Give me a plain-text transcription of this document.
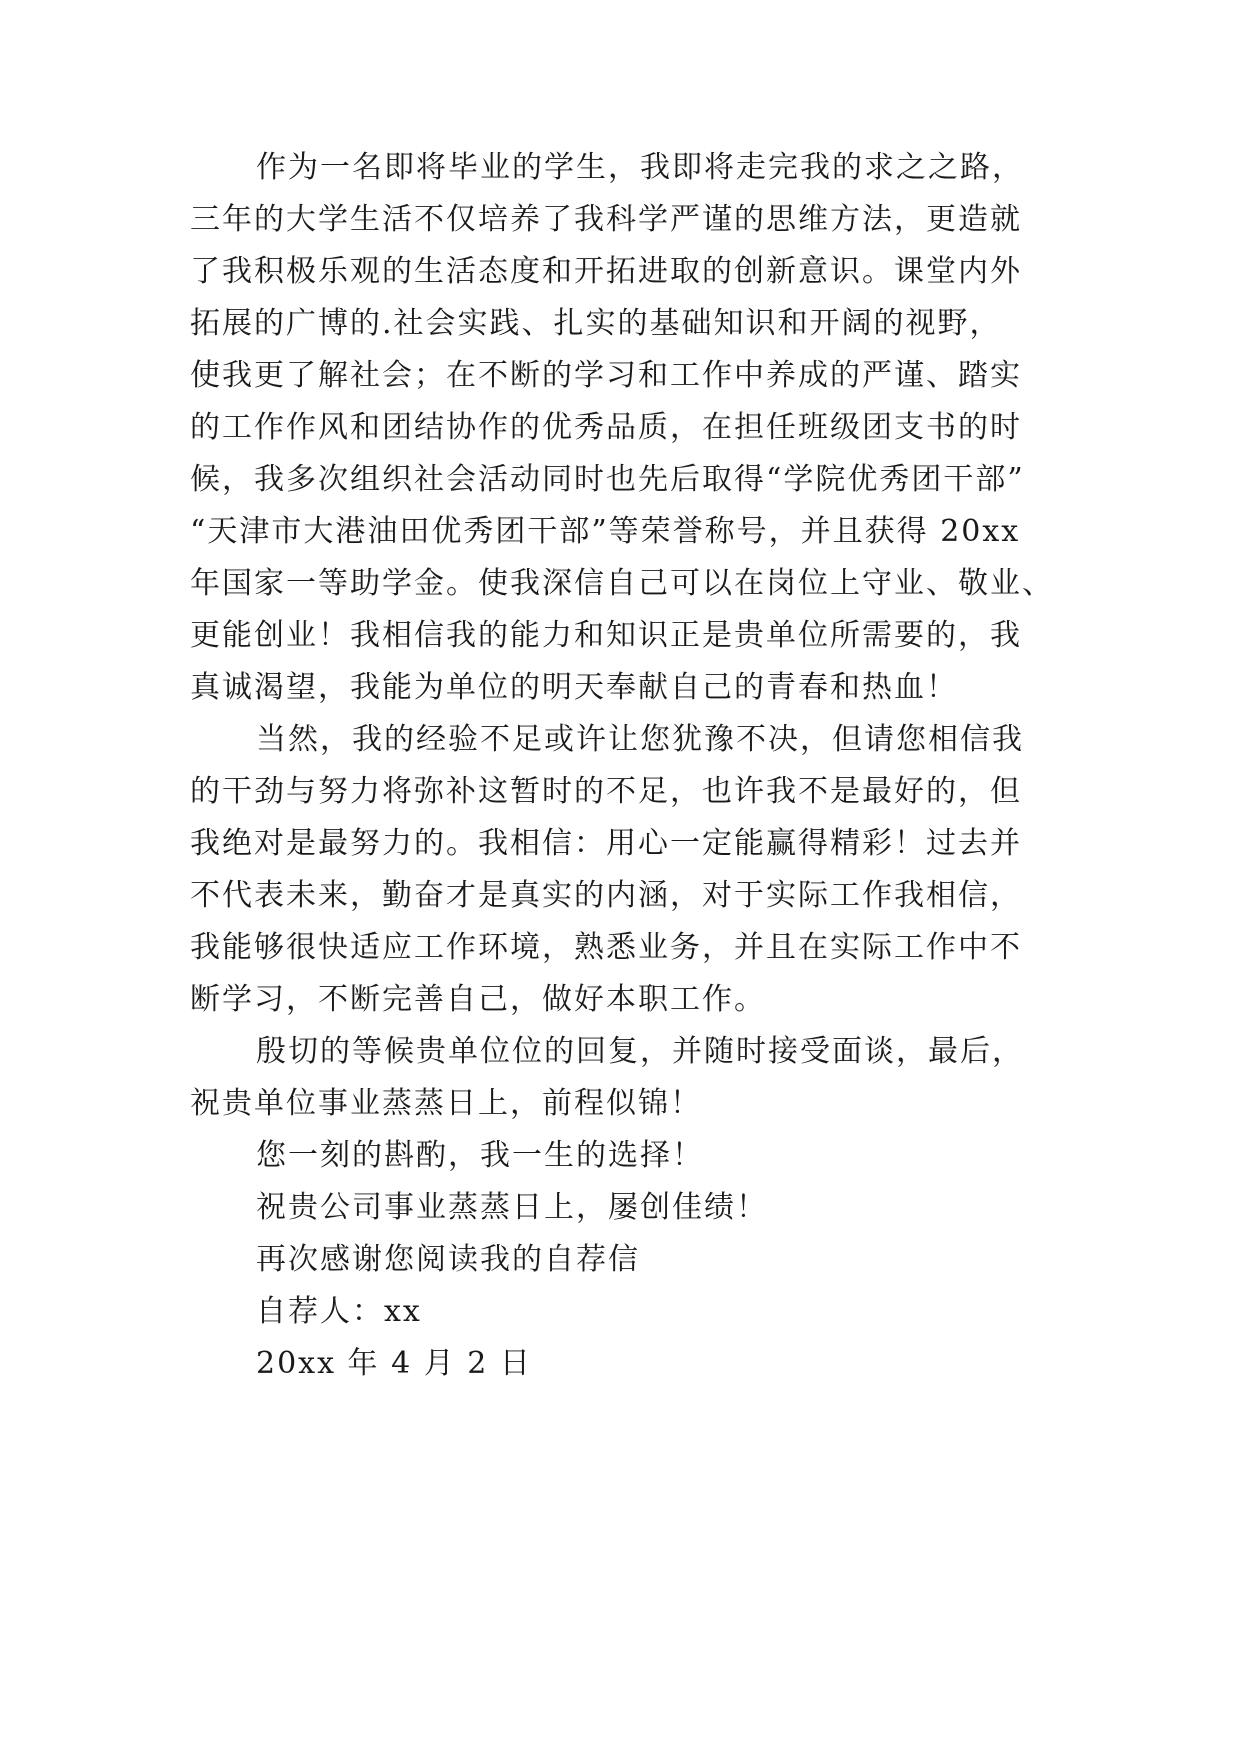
作为一名即将毕业的学生，我即将走完我的求之之路，
三年的大学生活不仅培养了我科学严谨的思维方法，更造就
了我积极乐观的生活态度和开拓进取的创新意识。课堂内外
拓展的广博的.社会实践、扎实的基础知识和开阔的视野，
使我更了解社会；在不断的学习和工作中养成的严谨、踏实
的工作作风和团结协作的优秀品质，在担任班级团支书的时
候，我多次组织社会活动同时也先后取得“学院优秀团干部”
“天津市大港油田优秀团干部”等荣誉称号，并且获得 20xx
年国家一等助学金。使我深信自己可以在岗位上守业、敬业、
更能创业！我相信我的能力和知识正是贵单位所需要的，我
真诚渴望，我能为单位的明天奉献自己的青春和热血！
当然，我的经验不足或许让您犹豫不决，但请您相信我
的干劲与努力将弥补这暂时的不足，也许我不是最好的，但
我绝对是最努力的。我相信：用心一定能赢得精彩！过去并
不代表未来，勤奋才是真实的内涵，对于实际工作我相信，
我能够很快适应工作环境，熟悉业务，并且在实际工作中不
断学习，不断完善自己，做好本职工作。
殷切的等候贵单位位的回复，并随时接受面谈，最后，
祝贵单位事业蒸蒸日上，前程似锦！
您一刻的斟酌，我一生的选择！
祝贵公司事业蒸蒸日上，屡创佳绩！
再次感谢您阅读我的自荐信
自荐人：xx
20xx 年 4 月 2 日
